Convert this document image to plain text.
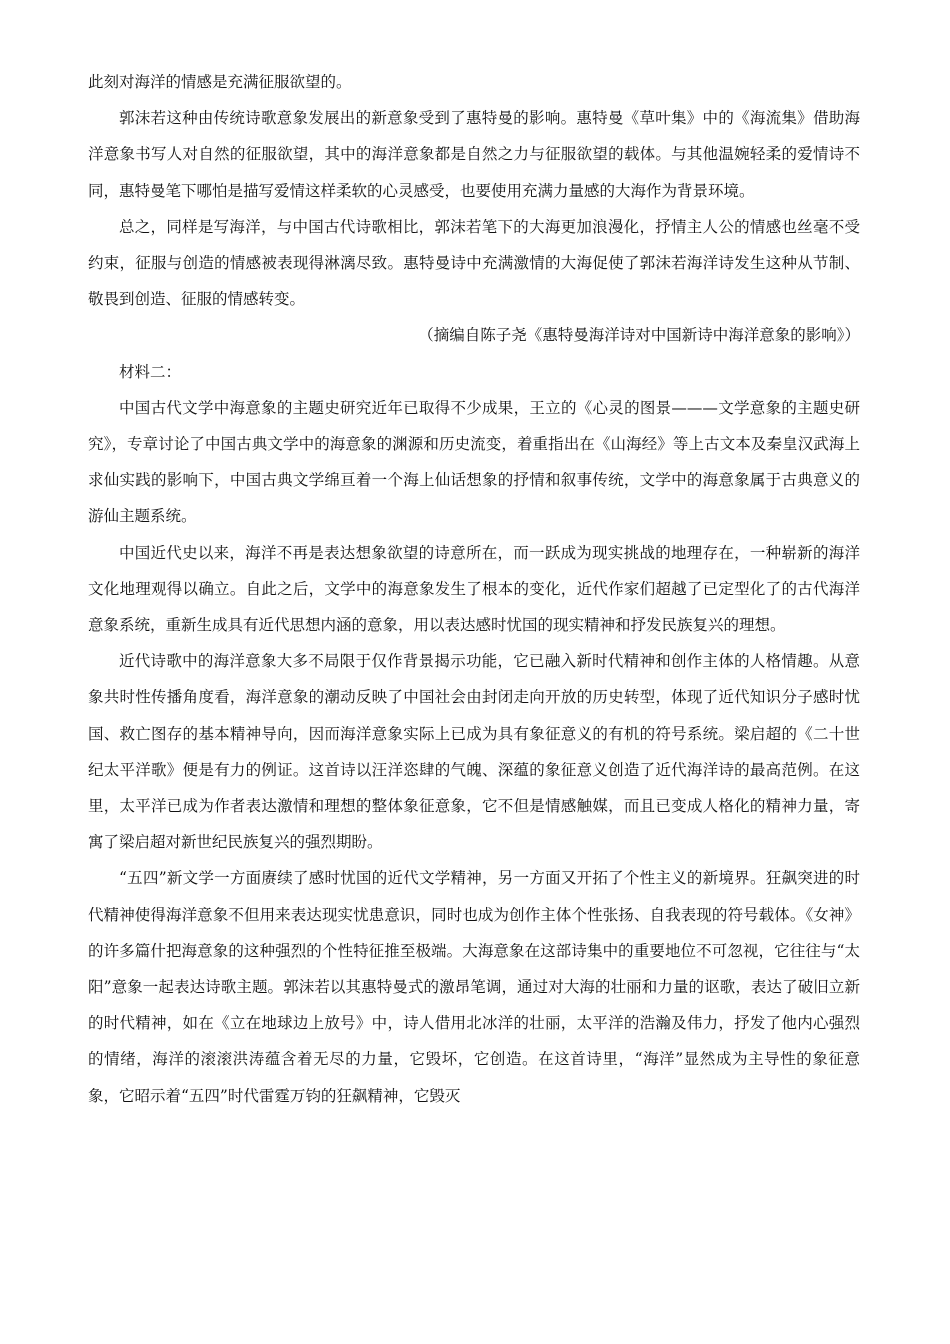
此刻对海洋的情感是充满征服欲望的。

郭沫若这种由传统诗歌意象发展出的新意象受到了惠特曼的影响。惠特曼《草叶集》中的《海流集》借助海洋意象书写人对自然的征服欲望，其中的海洋意象都是自然之力与征服欲望的载体。与其他温婉轻柔的爱情诗不同，惠特曼笔下哪怕是描写爱情这样柔软的心灵感受，也要使用充满力量感的大海作为背景环境。

总之，同样是写海洋，与中国古代诗歌相比，郭沫若笔下的大海更加浪漫化，抒情主人公的情感也丝毫不受约束，征服与创造的情感被表现得淋漓尽致。惠特曼诗中充满激情的大海促使了郭沫若海洋诗发生这种从节制、敬畏到创造、征服的情感转变。

（摘编自陈子尧《惠特曼海洋诗对中国新诗中海洋意象的影响》）

材料二：

中国古代文学中海意象的主题史研究近年已取得不少成果，王立的《心灵的图景———文学意象的主题史研究》，专章讨论了中国古典文学中的海意象的渊源和历史流变，着重指出在《山海经》等上古文本及秦皇汉武海上求仙实践的影响下，中国古典文学绵亘着一个海上仙话想象的抒情和叙事传统，文学中的海意象属于古典意义的游仙主题系统。

中国近代史以来，海洋不再是表达想象欲望的诗意所在，而一跃成为现实挑战的地理存在，一种崭新的海洋文化地理观得以确立。自此之后，文学中的海意象发生了根本的变化，近代作家们超越了已定型化了的古代海洋意象系统，重新生成具有近代思想内涵的意象，用以表达感时忧国的现实精神和抒发民族复兴的理想。

近代诗歌中的海洋意象大多不局限于仅作背景揭示功能，它已融入新时代精神和创作主体的人格情趣。从意象共时性传播角度看，海洋意象的潮动反映了中国社会由封闭走向开放的历史转型，体现了近代知识分子感时忧国、救亡图存的基本精神导向，因而海洋意象实际上已成为具有象征意义的有机的符号系统。梁启超的《二十世纪太平洋歌》便是有力的例证。这首诗以汪洋恣肆的气魄、深蕴的象征意义创造了近代海洋诗的最高范例。在这里，太平洋已成为作者表达激情和理想的整体象征意象，它不但是情感触媒，而且已变成人格化的精神力量，寄寓了梁启超对新世纪民族复兴的强烈期盼。

“五四”新文学一方面赓续了感时忧国的近代文学精神，另一方面又开拓了个性主义的新境界。狂飙突进的时代精神使得海洋意象不但用来表达现实忧患意识，同时也成为创作主体个性张扬、自我表现的符号载体。《女神》的许多篇什把海意象的这种强烈的个性特征推至极端。大海意象在这部诗集中的重要地位不可忽视，它往往与“太阳”意象一起表达诗歌主题。郭沫若以其惠特曼式的激昂笔调，通过对大海的壮丽和力量的讴歌，表达了破旧立新的时代精神，如在《立在地球边上放号》中，诗人借用北冰洋的壮丽，太平洋的浩瀚及伟力，抒发了他内心强烈的情绪，海洋的滚滚洪涛蕴含着无尽的力量，它毁坏，它创造。在这首诗里，“海洋”显然成为主导性的象征意象，它昭示着“五四”时代雷霆万钧的狂飙精神，它毁灭
